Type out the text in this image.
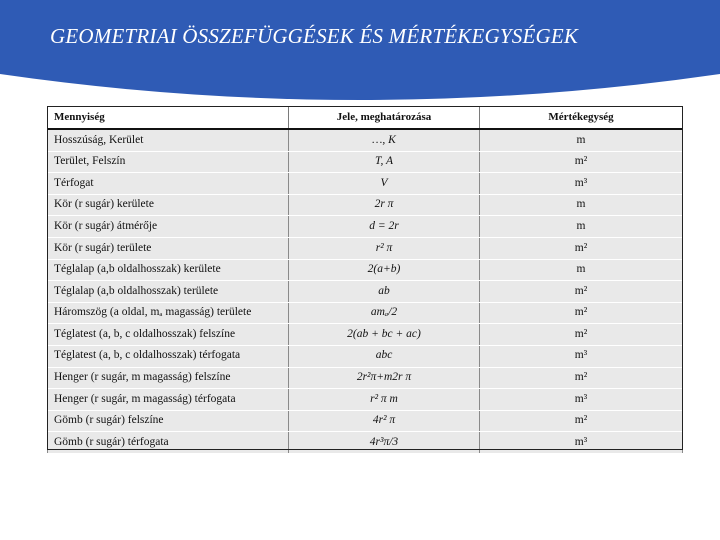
GEOMETRIAI ÖSSZEFÜGGÉSEK ÉS MÉRTÉKEGYSÉGEK
Mennyiség	Jele, meghatározása	Mértékegység
Hosszúság, Kerület	…, K	m
Terület, Felszín	T, A	m²
Térfogat	V	m³
Kör (r sugár) kerülete	2r π	m
Kör (r sugár) átmérője	d = 2r	m
Kör (r sugár) területe	r² π	m²
Téglalap (a,b oldalhosszak) kerülete	2(a+b)	m
Téglalap (a,b oldalhosszak) területe	ab	m²
Háromszög (a oldal, mₐ magasság) területe	amₐ/2	m²
Téglatest (a, b, c oldalhosszak) felszíne	2(ab + bc + ac)	m²
Téglatest (a, b, c oldalhosszak) térfogata	abc	m³
Henger (r sugár, m magasság) felszíne	2r²π+m2r π	m²
Henger (r sugár, m magasság) térfogata	r² π m	m³
Gömb (r sugár) felszíne	4r² π	m²
Gömb (r sugár) térfogata	4r³π/3	m³
